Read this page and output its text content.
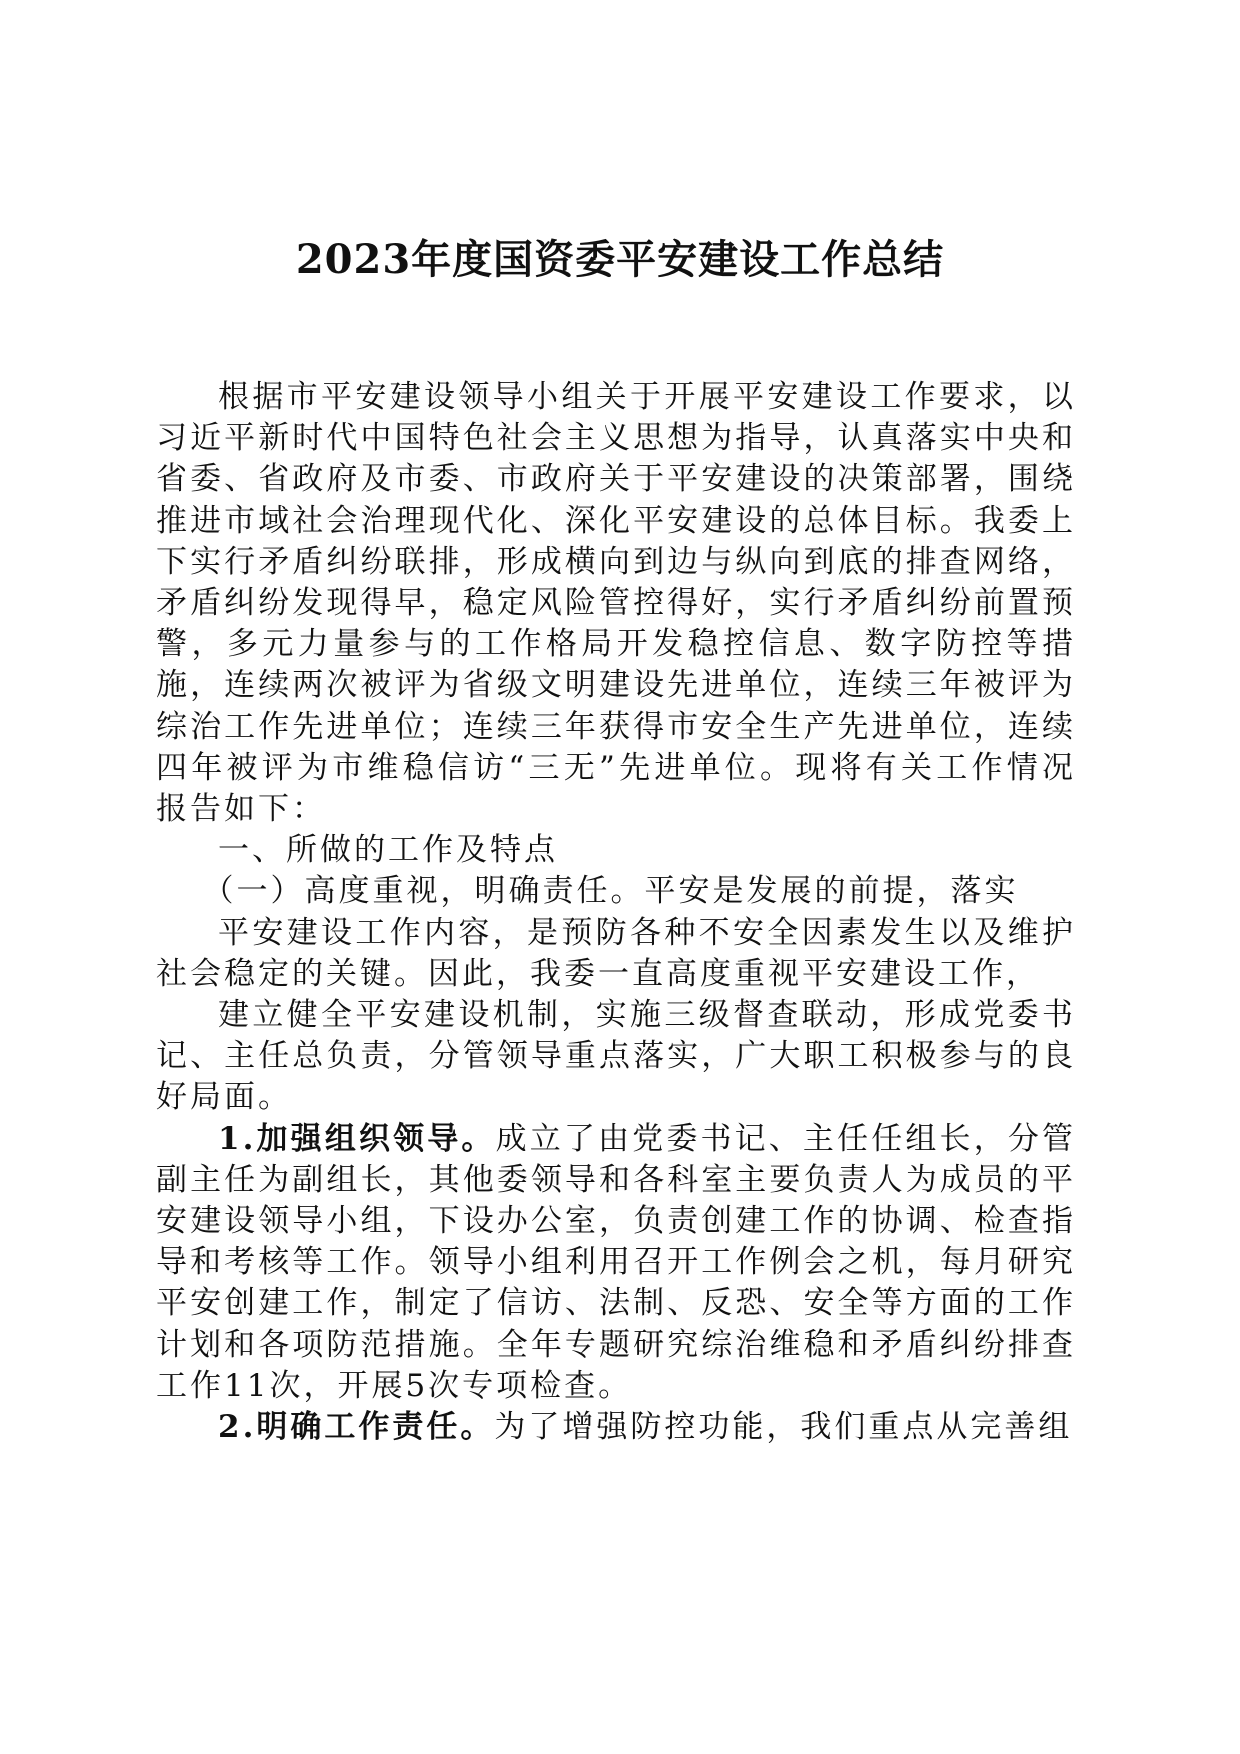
2023年度国资委平安建设工作总结

根据市平安建设领导小组关于开展平安建设工作要求，以习近平新时代中国特色社会主义思想为指导，认真落实中央和省委、省政府及市委、市政府关于平安建设的决策部署，围绕推进市域社会治理现代化、深化平安建设的总体目标。我委上下实行矛盾纠纷联排，形成横向到边与纵向到底的排查网络，矛盾纠纷发现得早，稳定风险管控得好，实行矛盾纠纷前置预警，多元力量参与的工作格局开发稳控信息、数字防控等措施，连续两次被评为省级文明建设先进单位，连续三年被评为综治工作先进单位；连续三年获得市安全生产先进单位，连续四年被评为市维稳信访“三无”先进单位。现将有关工作情况报告如下：

一、所做的工作及特点

（一）高度重视，明确责任。平安是发展的前提，落实

平安建设工作内容，是预防各种不安全因素发生以及维护社会稳定的关键。因此，我委一直高度重视平安建设工作，

建立健全平安建设机制，实施三级督查联动，形成党委书记、主任总负责，分管领导重点落实，广大职工积极参与的良好局面。

1.加强组织领导。成立了由党委书记、主任任组长，分管副主任为副组长，其他委领导和各科室主要负责人为成员的平安建设领导小组，下设办公室，负责创建工作的协调、检查指导和考核等工作。领导小组利用召开工作例会之机，每月研究平安创建工作，制定了信访、法制、反恐、安全等方面的工作计划和各项防范措施。全年专题研究综治维稳和矛盾纠纷排查工作11次，开展5次专项检查。

2.明确工作责任。为了增强防控功能，我们重点从完善组
